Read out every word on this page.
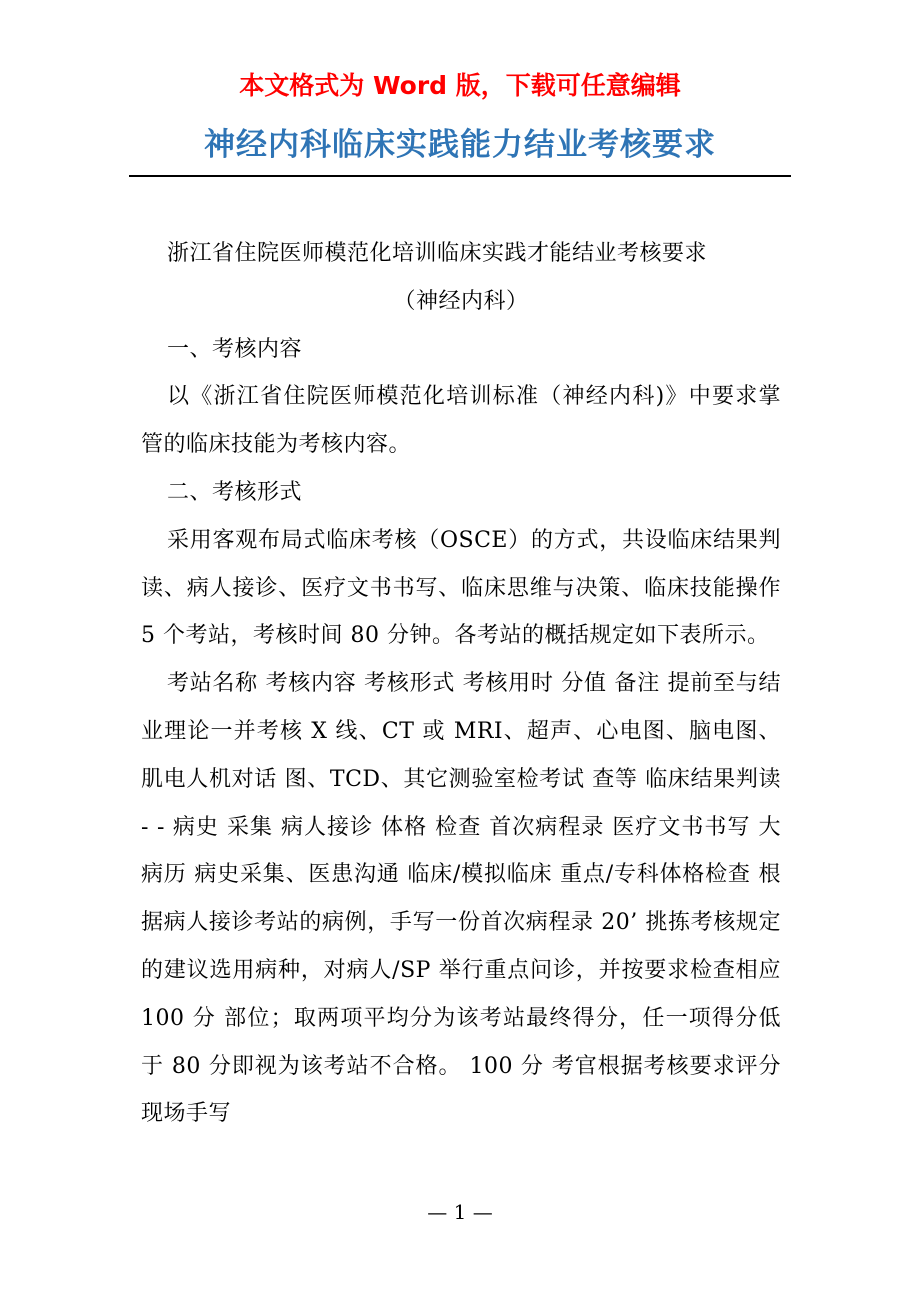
本文格式为 Word 版，下载可任意编辑
神经内科临床实践能力结业考核要求

浙江省住院医师模范化培训临床实践才能结业考核要求

（神经内科）

一、考核内容

以《浙江省住院医师模范化培训标准（神经内科)》中要求掌管的临床技能为考核内容。

二、考核形式

采用客观布局式临床考核（OSCE）的方式，共设临床结果判读、病人接诊、医疗文书书写、临床思维与决策、临床技能操作 5 个考站，考核时间 80 分钟。各考站的概括规定如下表所示。

考站名称 考核内容 考核形式 考核用时 分值 备注 提前至与结业理论一并考核 X 线、CT 或 MRI、超声、心电图、脑电图、肌电人机对话 图、TCD、其它测验室检考试 查等 临床结果判读 - - 病史 采集 病人接诊 体格 检查 首次病程录 医疗文书书写 大病历 病史采集、医患沟通 临床/模拟临床 重点/专科体格检查 根据病人接诊考站的病例，手写一份首次病程录 20’ 挑拣考核规定的建议选用病种，对病人/SP 举行重点问诊，并按要求检查相应 100 分 部位；取两项平均分为该考站最终得分，任一项得分低于 80 分即视为该考站不合格。 100 分 考官根据考核要求评分 现场手写

— 1 —
